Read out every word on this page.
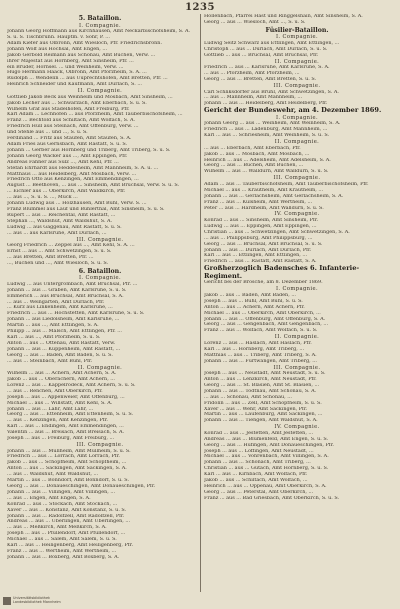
1235
5. Bataillon.
I. Compagnie.
Johann Georg Hoffmann aus Kirchhausen, Amt Neckarbischofsheim, S. A.
S. u. S. Tischbrunn. Hauptm. v. Sohr, P. ...
Adam Kiefer aus Ölbronn, Amt Wiesloch, Pfr. Friedrichsbronn.
Johann Wolf aus Hochsal, Amt Engen, ...
Jakob Gerbold Reimann aus Schönau, Amt Buchen, Verw. ...
ihrer Majestät aus Hornberg, Amt Sinsheim, Pfr. ...
ein Bruder, Hornsel. ... und Weinheim, Verw. ...
Hugo Hermann Haack, Ölbronn, Amt Pforzheim, S. A. ...
Rudolph ... Wendelin ... aus Uuprechtshofen, Amt Bretten, Pfr. ...
Heinrich Schneider und Kaufmann, Amt Durlach, S. ...
II. Compagnie.
Gottlieb Jakob Beck aus Weinheim und Mosbach, Amt Sinsheim, ...
Jakob Lecher aus ... Schwarzach, Amt Eberbach, S. u. S.
Wilhelm Gräf aus Stadelhofen, Amt Freiburg, Pfr.
Karl Adam ... Lechhofen ... aus Pforzheim, Amt Tauberbischofsheim, ...
Franz ... Bechtold aus Schiltach, Amt Wolfach, S. A.
Friedrich Hüll aus Steinach, Amt Offenburg, Verw. ...
und Stehle aus ... und ..., S. u. S.
Ferdinand ... Fritz aus Staufen, Amt Staufen, S. A.
Adam Fries aus Gernsbach, Amt Rastatt, S. u. S.
Johann ... Gerber aus Hornberg und Triberg, Amt Triberg, S. u. S.
Johann Georg Wacker aus ..., Amt Eppingen, Pfr.
Andreas Fahner aus Sulz ..., Amt Kehl, Pfr. ...
Stefan Ehrhardt aus Heddesheim, Amt Mannheim, S. A. u. ...
Matthäus ... aus Heidelberg, Amt Mosbach, Verw. ...
Friedrich Otto aus Kenzingen, Amt Emmendingen, ...
August ... Beethoven, ... aus ... Sinsheim, Amt Bruchsal, Verw. S. u. S.
... Eichler aus ... Oberkirch, Amt Waldkirch, Pfr.
... aus ..., S. u. S. ..., Mück ...
Johann Ludwig aus ... Holzhausen, Amt Bühl, Verw. S. ...
Franz Blümmel aus Lauf und Bühlerthal, Amt Sinsheim, S. u. S.
Rupert ... aus ... Reichental, Amt Rastatt, ...
Stephan ..., Waldshut, Amt Waldshut, S. A.
Ludwig ... aus Gaggenau, Amt Rastatt, S. u. S.
... aus ... aus Karlsruhe, Amt Durlach, ...
III. Compagnie.
Georg Friedrich ... Zeppel aus ..., Amt Kehl, S. A. ...
Ernst ... aus ... Amt Schwetzingen, S. u. S.
... aus Bretten, Amt Bretten, Pfr. ...
..., Buchen und ..., Amt Wiesloch, S. u. S.
6. Bataillon.
I. Compagnie.
Ludwig ... aus Untergrombach, Amt Bruchsal, Pfr. ...
Johann ... aus ... Graben, Amt Karlsruhe, S. u. S.
Emmerich ... aus Bruchsal, Amt Bruchsal, S. A.
... aus ... Weingarten, Amt Durlach, Pfr.
... Kurz aus Linkenheim, Amt Karlsruhe, ...
Friedrich ... aus ... Hochstetten, Amt Karlsruhe, S. u. S.
Johann ... aus Liedolsheim, Amt Karlsruhe, ...
Martin ... aus ..., Amt Ettlingen, S. A.
Philipp ... aus ... Malsch, Amt Ettlingen, Pfr. ...
Karl ... aus ..., Amt Pforzheim, S. u. S.
Anton ... aus ... Ottenau, Amt Rastatt, Verw.
Johann ... aus ... Kuppenheim, Amt Rastatt, ...
Georg ... aus ... Baden, Amt Baden, S. u. S.
... aus ... Steinbach, Amt Bühl, Pfr.
II. Compagnie.
Wilhelm ... aus ... Achern, Amt Achern, S. A.
Jakob ... aus ... Oberachern, Amt Achern, ...
Lorenz ... aus ... Kappelrodeck, Amt Achern, S. u. S.
... aus ... Renchen, Amt Oberkirch, Pfr.
Joseph ... aus ... Appenweier, Amt Offenburg, ...
Michael ... aus ... Willstätt, Amt Kehl, S. A.
Johann ... aus ... Lahr, Amt Lahr, ...
Georg ... aus ... Ettenheim, Amt Ettenheim, S. u. S.
... aus ... Kenzingen, Amt Kenzingen, Pfr.
Karl ... aus ... Endingen, Amt Emmendingen, ...
Valentin ... aus ... Breisach, Amt Breisach, S. A.
Joseph ... aus ... Freiburg, Amt Freiburg, ...
III. Compagnie.
Johann ... aus ... Müllheim, Amt Müllheim, S. u. S.
Friedrich ... aus ... Lörrach, Amt Lörrach, Pfr.
Jakob ... aus ... Schopfheim, Amt Schopfheim, ...
Anton ... aus ... Säckingen, Amt Säckingen, S. A.
... aus ... Waldshut, Amt Waldshut, ...
Martin ... aus ... Bonndorf, Amt Bonndorf, S. u. S.
Georg ... aus ... Donaueschingen, Amt Donaueschingen, Pfr.
Johann ... aus ... Villingen, Amt Villingen, ...
... aus ... Engen, Amt Engen, S. A.
Konrad ... aus ... Stockach, Amt Stockach, ...
Xaver ... aus ... Konstanz, Amt Konstanz, S. u. S.
Johann ... aus ... Radolfzell, Amt Radolfzell, Pfr.
Andreas ... aus ... Überlingen, Amt Überlingen, ...
... aus ... Meßkirch, Amt Meßkirch, S. A.
Joseph ... aus ... Pfullendorf, Amt Pfullendorf, ...
Michael ... aus ... Salem, Amt Salem, S. u. S.
Karl ... aus ... Heiligenberg, Amt Heiligenberg, Pfr.
Franz ... aus ... Wertheim, Amt Wertheim, ...
Johann ... aus ... Boxberg, Amt Boxberg, S. A.
Hollenbach, Pfarrei Hast und Ringgelshain, Amt Sinsheim, S. A.
Georg ... aus ... Wiesloch, Amt ..., S. u. S.
Füsilier-Bataillon.
I. Compagnie.
Ludwig Seitz Schwarz aus Ettlingen, Amt Ettlingen, ...
Christoph ... aus ... Durlach, Amt Durlach, S. u. S.
Gottlieb ... aus ... Bruchsal, Amt Bruchsal, Pfr.
II. Compagnie.
Friedrich ... aus ... Karlsruhe, Amt Karlsruhe, S. A.
... aus ... Pforzheim, Amt Pforzheim, ...
Georg ... aus ... Bretten, Amt Bretten, S. u. S.
III. Compagnie.
Carl Schliksdorfer aus Brühl, Amt Schwetzingen, S. A.
... aus ... Mannheim, Amt Mannheim, ...
Johann ... aus ... Heidelberg, Amt Heidelberg, Pfr.
Gericht der Bundeswehr, am 4. Dezember 1869.
I. Compagnie.
Johann Georg ... aus ... Weinheim, Amt Weinheim, S. A.
Friedrich ... aus ... Ladenburg, Amt Mannheim, ...
Karl ... aus ... Schriesheim, Amt Weinheim, S. u. S.
II. Compagnie.
... aus ... Eberbach, Amt Eberbach, Pfr.
Jakob ... aus ... Mosbach, Amt Mosbach, ...
Heinrich ... aus ... Adelsheim, Amt Adelsheim, S. A.
Georg ... aus ... Buchen, Amt Buchen, ...
Wilhelm ... aus ... Walldürn, Amt Walldürn, S. u. S.
III. Compagnie.
Adam ... aus ... Tauberbischofsheim, Amt Tauberbischofsheim, Pfr.
Michael ... aus ... Krautheim, Amt Krautheim, ...
Johann ... aus ... Gerlachsheim, Amt Gerlachsheim, S. A.
Franz ... aus ... Külsheim, Amt Wertheim, ...
Peter ... aus ... Hardheim, Amt Walldürn, S. u. S.
IV. Compagnie.
Konrad ... aus ... Sinsheim, Amt Sinsheim, Pfr.
Ludwig ... aus ... Eppingen, Amt Eppingen, ...
Christian ... aus ... Schwetzingen, Amt Schwetzingen, S. A.
... aus ... Philippsburg, Amt Philippsburg, ...
Georg ... aus ... Bruchsal, Amt Bruchsal, S. u. S.
Johann ... aus ... Durlach, Amt Durlach, Pfr.
Karl ... aus ... Ettlingen, Amt Ettlingen, ...
Friedrich ... aus ... Rastatt, Amt Rastatt, S. A.
Großherzoglich Badensches 6. Infanterie-Regiment.
Gericht bei der Brosche, am 8. Dezember 1869.
I. Compagnie.
Jakob ... aus ... Baden, Amt Baden, ...
Joseph ... aus ... Bühl, Amt Bühl, S. u. S.
Anton ... aus ... Achern, Amt Achern, Pfr.
Michael ... aus ... Oberkirch, Amt Oberkirch, ...
Johann ... aus ... Offenburg, Amt Offenburg, S. A.
Georg ... aus ... Gengenbach, Amt Gengenbach, ...
Franz ... aus ... Wolfach, Amt Wolfach, S. u. S.
II. Compagnie.
Lorenz ... aus ... Haslach, Amt Haslach, Pfr.
Karl ... aus ... Hornberg, Amt Triberg, ...
Matthias ... aus ... Triberg, Amt Triberg, S. A.
Johann ... aus ... Furtwangen, Amt Triberg, ...
III. Compagnie.
Joseph ... aus ... Neustadt, Amt Neustadt, S. u. S.
Anton ... aus ... Lenzkirch, Amt Neustadt, Pfr.
Georg ... aus ... St. Blasien, Amt St. Blasien, ...
Johann ... aus ... Todtnau, Amt Schönau, S. A.
... aus ... Schönau, Amt Schönau, ...
Fridolin ... aus ... Zell, Amt Schopfheim, S. u. S.
Xaver ... aus ... Wehr, Amt Säckingen, Pfr.
Martin ... aus ... Laufenburg, Amt Säckingen, ...
Johann ... aus ... Tiengen, Amt Waldshut, S. A.
IV. Compagnie.
Konrad ... aus ... Jestetten, Amt Jestetten, ...
Andreas ... aus ... Blumenfeld, Amt Engen, S. u. S.
Georg ... aus ... Hüfingen, Amt Donaueschingen, Pfr.
Joseph ... aus ... Löffingen, Amt Neustadt, ...
Michael ... aus ... Vöhrenbach, Amt Villingen, S. A.
Johann ... aus ... Schonach, Amt Triberg, ...
Christian ... aus ... Gutach, Amt Hornberg, S. u. S.
Karl ... aus ... Kirnbach, Amt Wolfach, Pfr.
Jakob ... aus ... Schiltach, Amt Wolfach, ...
Heinrich ... aus ... Oppenau, Amt Oberkirch, S. A.
Georg ... aus ... Peterstal, Amt Oberkirch, ...
Franz ... aus ... Bad Griesbach, Amt Oberkirch, S. u. S.
Universitätsbibliothek
Landesbibliothek Mannheim
